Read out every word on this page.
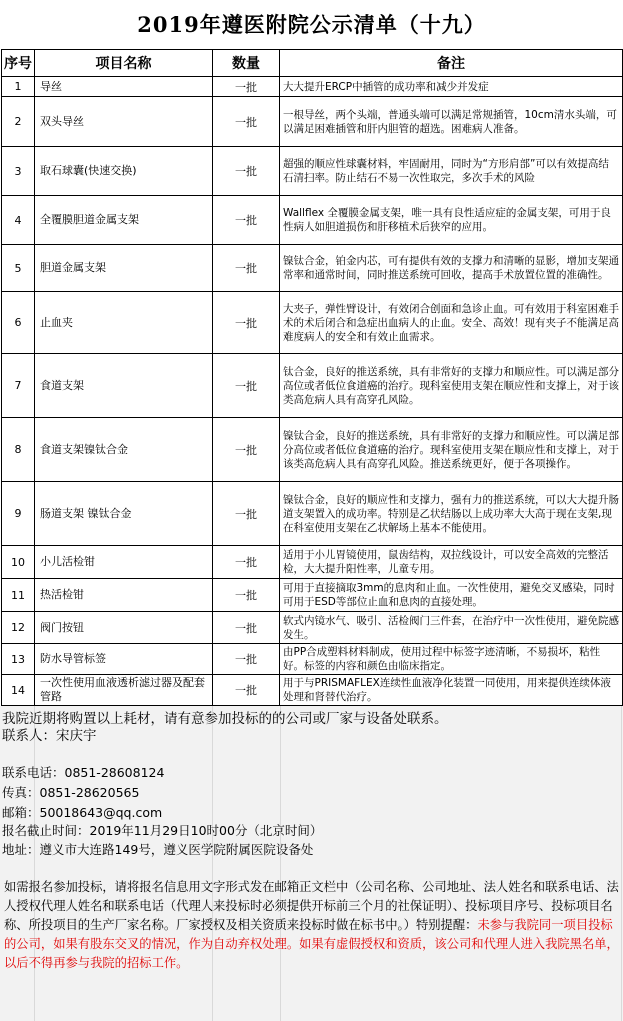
2019年遵医附院公示清单（十九）
序号	项目名称	数量	备注
1	导丝	一批	大大提升ERCP中插管的成功率和减少并发症
2	双头导丝	一批	一根导丝，两个头端，普通头端可以满足常规插管，10cm清水头端，可以满足困难插管和肝内胆管的超选。困难病人准备。
3	取石球囊(快速交换)	一批	超强的顺应性球囊材料，牢固耐用，同时为“方形肩部”可以有效提高结石清扫率。防止结石不易一次性取完，多次手术的风险
4	全覆膜胆道金属支架	一批	Wallflex 全覆膜金属支架，唯一具有良性适应症的金属支架，可用于良性病人如胆道损伤和肝移植术后狭窄的应用。
5	胆道金属支架	一批	镍钛合金，铂金内芯，可有提供有效的支撑力和清晰的显影，增加支架通常率和通常时间，同时推送系统可回收，提高手术放置位置的准确性。
6	止血夹	一批	大夹子，弹性臂设计，有效闭合创面和急诊止血。可有效用于科室困难手术的术后闭合和急症出血病人的止血。安全、高效！现有夹子不能满足高难度病人的安全和有效止血需求。
7	食道支架	一批	钛合金，良好的推送系统，具有非常好的支撑力和顺应性。可以满足部分高位或者低位食道癌的治疗。现科室使用支架在顺应性和支撑上，对于该类高危病人具有高穿孔风险。
8	食道支架镍钛合金	一批	镍钛合金，良好的推送系统，具有非常好的支撑力和顺应性。可以满足部分高位或者低位食道癌的治疗。现科室使用支架在顺应性和支撑上，对于该类高危病人具有高穿孔风险。推送系统更好，便于各项操作。
9	肠道支架 镍钛合金	一批	镍钛合金，良好的顺应性和支撑力，强有力的推送系统，可以大大提升肠道支架置入的成功率。特别是乙状结肠以上成功率大大高于现在支架,现在科室使用支架在乙状解场上基本不能使用。
10	小儿活检钳	一批	适用于小儿胃镜使用，鼠齿结构，双拉线设计，可以安全高效的完整活检，大大提升阳性率，儿童专用。
11	热活检钳	一批	可用于直接摘取3mm的息肉和止血。一次性使用，避免交叉感染，同时可用于ESD等部位止血和息肉的直接处理。
12	阀门按钮	一批	软式内镜水气、吸引、活检阀门三件套，在治疗中一次性使用，避免院感发生。
13	防水导管标签	一批	由PP合成塑料材料制成，使用过程中标签字迹清晰，不易损坏，粘性好。标签的内容和颜色由临床指定。
14	一次性使用血液透析滤过器及配套管路	一批	用于与PRISMAFLEX连续性血液净化装置一同使用，用来提供连续体液处理和肾替代治疗。
我院近期将购置以上耗材，请有意参加投标的的公司或厂家与设备处联系。
联系人：宋庆宇
联系电话：0851-28608124
传真：0851-28620565
邮箱：50018643@qq.com
报名截止时间：2019年11月29日10时00分（北京时间）
地址：遵义市大连路149号，遵义医学院附属医院设备处
如需报名参加投标，请将报名信息用文字形式发在邮箱正文栏中（公司名称、公司地址、法人姓名和联系电话、法人授权代理人姓名和联系电话（代理人来投标时必须提供开标前三个月的社保证明）、投标项目序号、投标项目名称、所投项目的生产厂家名称。厂家授权及相关资质来投标时做在标书中。）特别提醒：未参与我院同一项目投标的公司，如果有股东交叉的情况，作为自动弃权处理。如果有虚假授权和资质，该公司和代理人进入我院黑名单，以后不得再参与我院的招标工作。
